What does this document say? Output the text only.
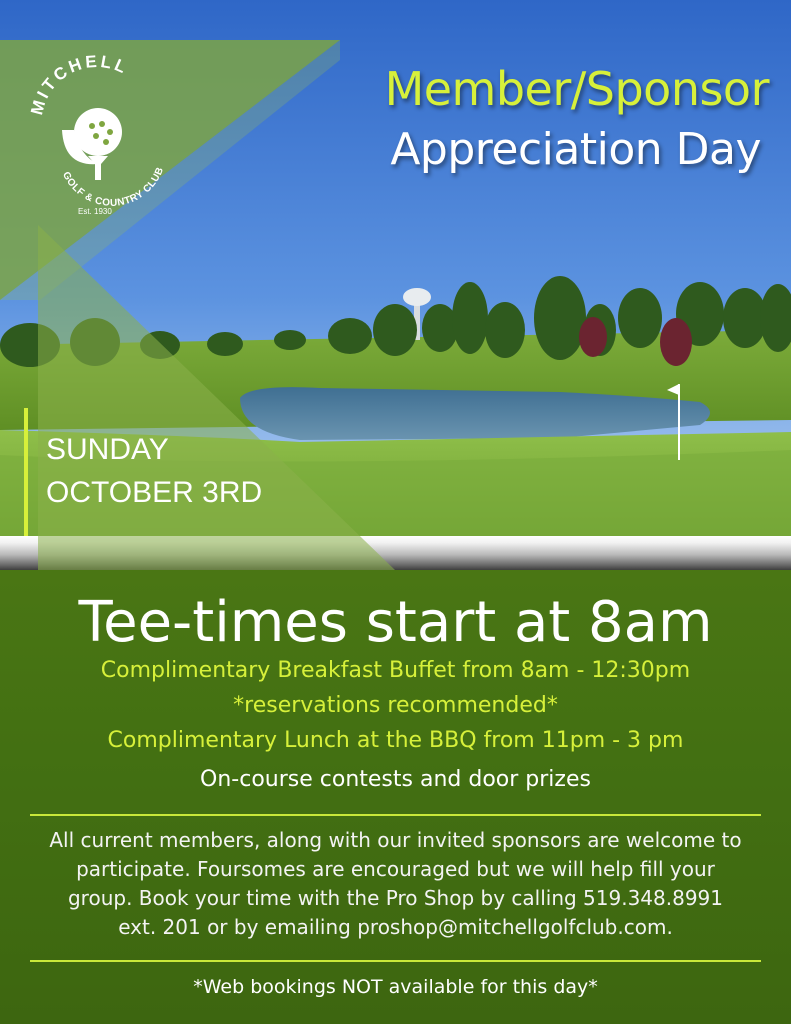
MITCHELL
GOLF & COUNTRY CLUB
Est. 1930
Member/Sponsor
Appreciation Day
SUNDAY
OCTOBER 3RD
Tee-times start at 8am
Complimentary Breakfast Buffet from 8am - 12:30pm
*reservations recommended*
Complimentary Lunch at the BBQ from 11pm - 3 pm
On-course contests and door prizes
All current members, along with our invited sponsors are welcome to
participate. Foursomes are encouraged but we will help fill your
group. Book your time with the Pro Shop by calling 519.348.8991
ext. 201 or by emailing proshop@mitchellgolfclub.com.
*Web bookings NOT available for this day*
